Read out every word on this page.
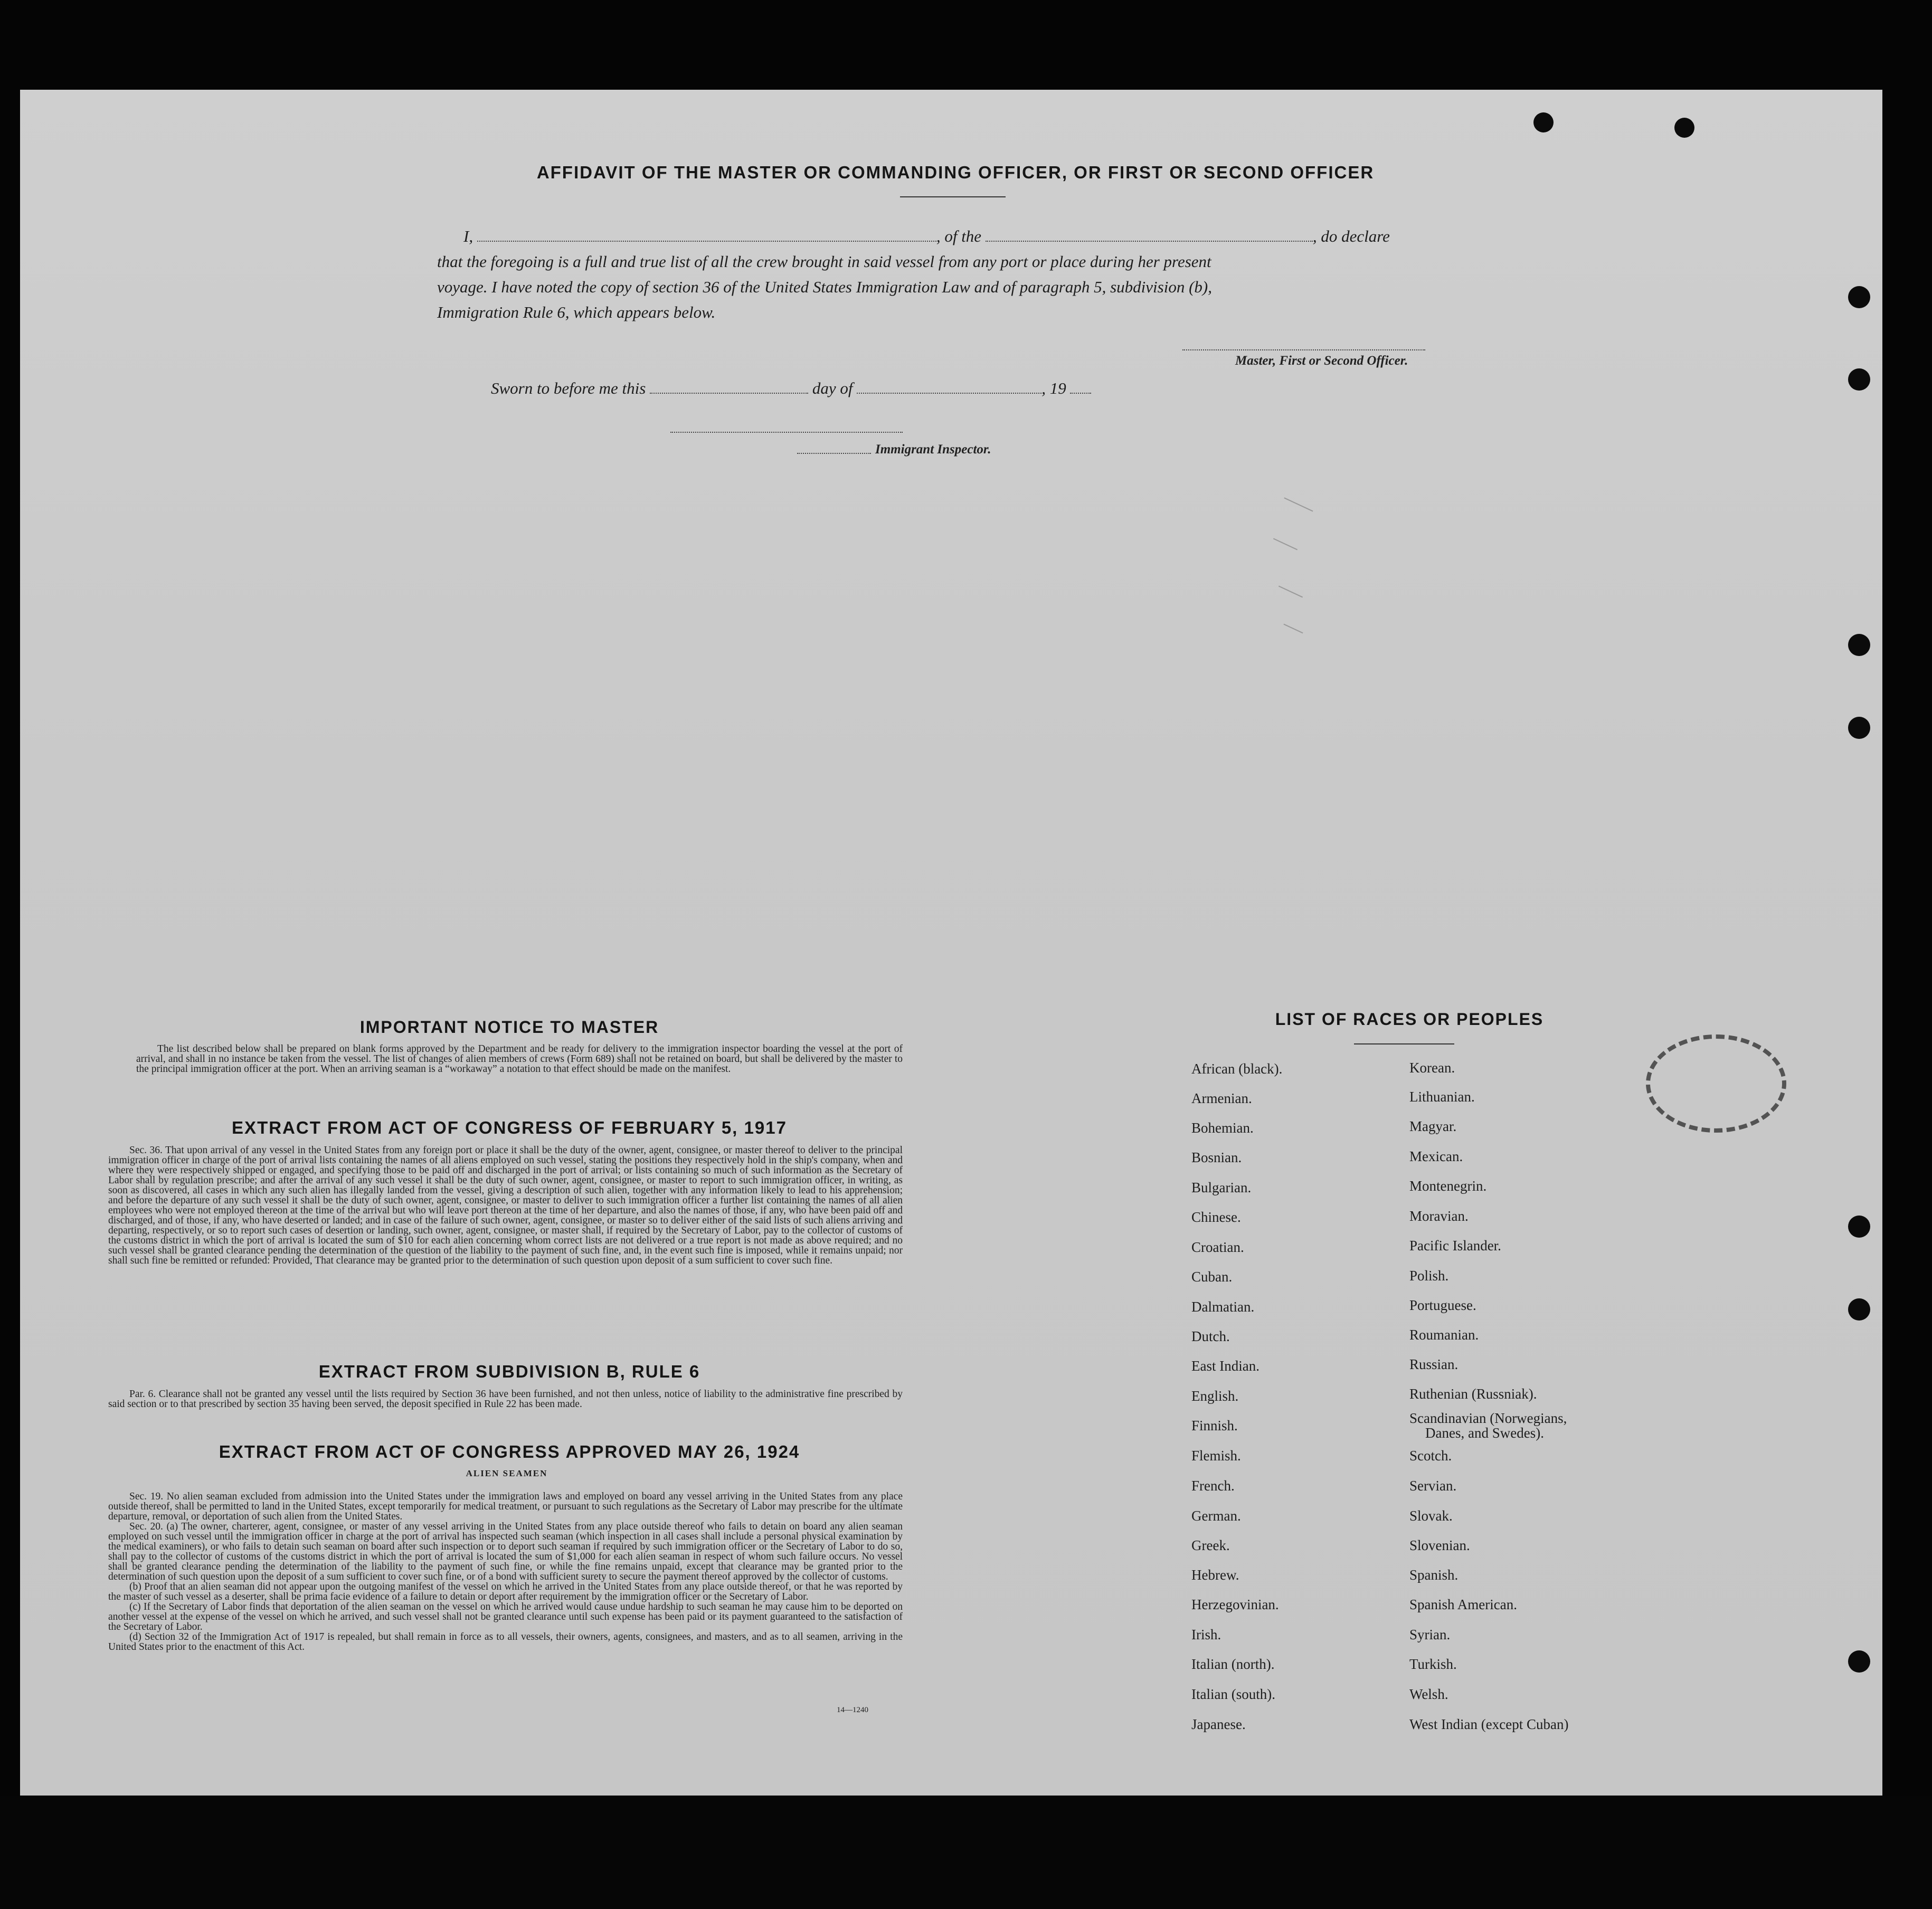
AFFIDAVIT OF THE MASTER OR COMMANDING OFFICER, OR FIRST OR SECOND OFFICER
I,	, of the	, do declare
that the foregoing is a full and true list of all the crew brought in said vessel from any port or place during her present
voyage. I have noted the copy of section 36 of the United States Immigration Law and of paragraph 5, subdivision (b),
Immigration Rule 6, which appears below.
Master, First or Second Officer.
Sworn to before me this	day of	, 19
Immigrant Inspector.
IMPORTANT NOTICE TO MASTER

The list described below shall be prepared on blank forms approved by the Department and be ready for delivery to the immigration inspector boarding the vessel at the port of arrival, and shall in no instance be taken from the vessel. The list of changes of alien members of crews (Form 689) shall not be retained on board, but shall be delivered by the master to the principal immigration officer at the port. When an arriving seaman is a “workaway” a notation to that effect should be made on the manifest.

EXTRACT FROM ACT OF CONGRESS OF FEBRUARY 5, 1917

Sec. 36. That upon arrival of any vessel in the United States from any foreign port or place it shall be the duty of the owner, agent, consignee, or master thereof to deliver to the principal immigration officer in charge of the port of arrival lists containing the names of all aliens employed on such vessel, stating the positions they respectively hold in the ship's company, when and where they were respectively shipped or engaged, and specifying those to be paid off and discharged in the port of arrival; or lists containing so much of such information as the Secretary of Labor shall by regulation prescribe; and after the arrival of any such vessel it shall be the duty of such owner, agent, consignee, or master to report to such immigration officer, in writing, as soon as discovered, all cases in which any such alien has illegally landed from the vessel, giving a description of such alien, together with any information likely to lead to his apprehension; and before the departure of any such vessel it shall be the duty of such owner, agent, consignee, or master to deliver to such immigration officer a further list containing the names of all alien employees who were not employed thereon at the time of the arrival but who will leave port thereon at the time of her departure, and also the names of those, if any, who have been paid off and discharged, and of those, if any, who have deserted or landed; and in case of the failure of such owner, agent, consignee, or master so to deliver either of the said lists of such aliens arriving and departing, respectively, or so to report such cases of desertion or landing, such owner, agent, consignee, or master shall, if required by the Secretary of Labor, pay to the collector of customs of the customs district in which the port of arrival is located the sum of $10 for each alien concerning whom correct lists are not delivered or a true report is not made as above required; and no such vessel shall be granted clearance pending the determination of the question of the liability to the payment of such fine, and, in the event such fine is imposed, while it remains unpaid; nor shall such fine be remitted or refunded: Provided, That clearance may be granted prior to the determination of such question upon deposit of a sum sufficient to cover such fine.

EXTRACT FROM SUBDIVISION B, RULE 6

Par. 6. Clearance shall not be granted any vessel until the lists required by Section 36 have been furnished, and not then unless, notice of liability to the administrative fine prescribed by said section or to that prescribed by section 35 having been served, the deposit specified in Rule 22 has been made.

EXTRACT FROM ACT OF CONGRESS APPROVED MAY 26, 1924
ALIEN SEAMEN

Sec. 19. No alien seaman excluded from admission into the United States under the immigration laws and employed on board any vessel arriving in the United States from any place outside thereof, shall be permitted to land in the United States, except temporarily for medical treatment, or pursuant to such regulations as the Secretary of Labor may prescribe for the ultimate departure, removal, or deportation of such alien from the United States.

Sec. 20. (a) The owner, charterer, agent, consignee, or master of any vessel arriving in the United States from any place outside thereof who fails to detain on board any alien seaman employed on such vessel until the immigration officer in charge at the port of arrival has inspected such seaman (which inspection in all cases shall include a personal physical examination by the medical examiners), or who fails to detain such seaman on board after such inspection or to deport such seaman if required by such immigration officer or the Secretary of Labor to do so, shall pay to the collector of customs of the customs district in which the port of arrival is located the sum of $1,000 for each alien seaman in respect of whom such failure occurs. No vessel shall be granted clearance pending the determination of the liability to the payment of such fine, or while the fine remains unpaid, except that clearance may be granted prior to the determination of such question upon the deposit of a sum sufficient to cover such fine, or of a bond with sufficient surety to secure the payment thereof approved by the collector of customs.

(b) Proof that an alien seaman did not appear upon the outgoing manifest of the vessel on which he arrived in the United States from any place outside thereof, or that he was reported by the master of such vessel as a deserter, shall be prima facie evidence of a failure to detain or deport after requirement by the immigration officer or the Secretary of Labor.

(c) If the Secretary of Labor finds that deportation of the alien seaman on the vessel on which he arrived would cause undue hardship to such seaman he may cause him to be deported on another vessel at the expense of the vessel on which he arrived, and such vessel shall not be granted clearance until such expense has been paid or its payment guaranteed to the satisfaction of the Secretary of Labor.

(d) Section 32 of the Immigration Act of 1917 is repealed, but shall remain in force as to all vessels, their owners, agents, consignees, and masters, and as to all seamen, arriving in the United States prior to the enactment of this Act.

14—1240
LIST OF RACES OR PEOPLES
African (black).
Armenian.
Bohemian.
Bosnian.
Bulgarian.
Chinese.
Croatian.
Cuban.
Dalmatian.
Dutch.
East Indian.
English.
Finnish.
Flemish.
French.
German.
Greek.
Hebrew.
Herzegovinian.
Irish.
Italian (north).
Italian (south).
Japanese.
Korean.
Lithuanian.
Magyar.
Mexican.
Montenegrin.
Moravian.
Pacific Islander.
Polish.
Portuguese.
Roumanian.
Russian.
Ruthenian (Russniak).
Scandinavian (Norwegians,
Danes, and Swedes).
Scotch.
Servian.
Slovak.
Slovenian.
Spanish.
Spanish American.
Syrian.
Turkish.
Welsh.
West Indian (except Cuban)
